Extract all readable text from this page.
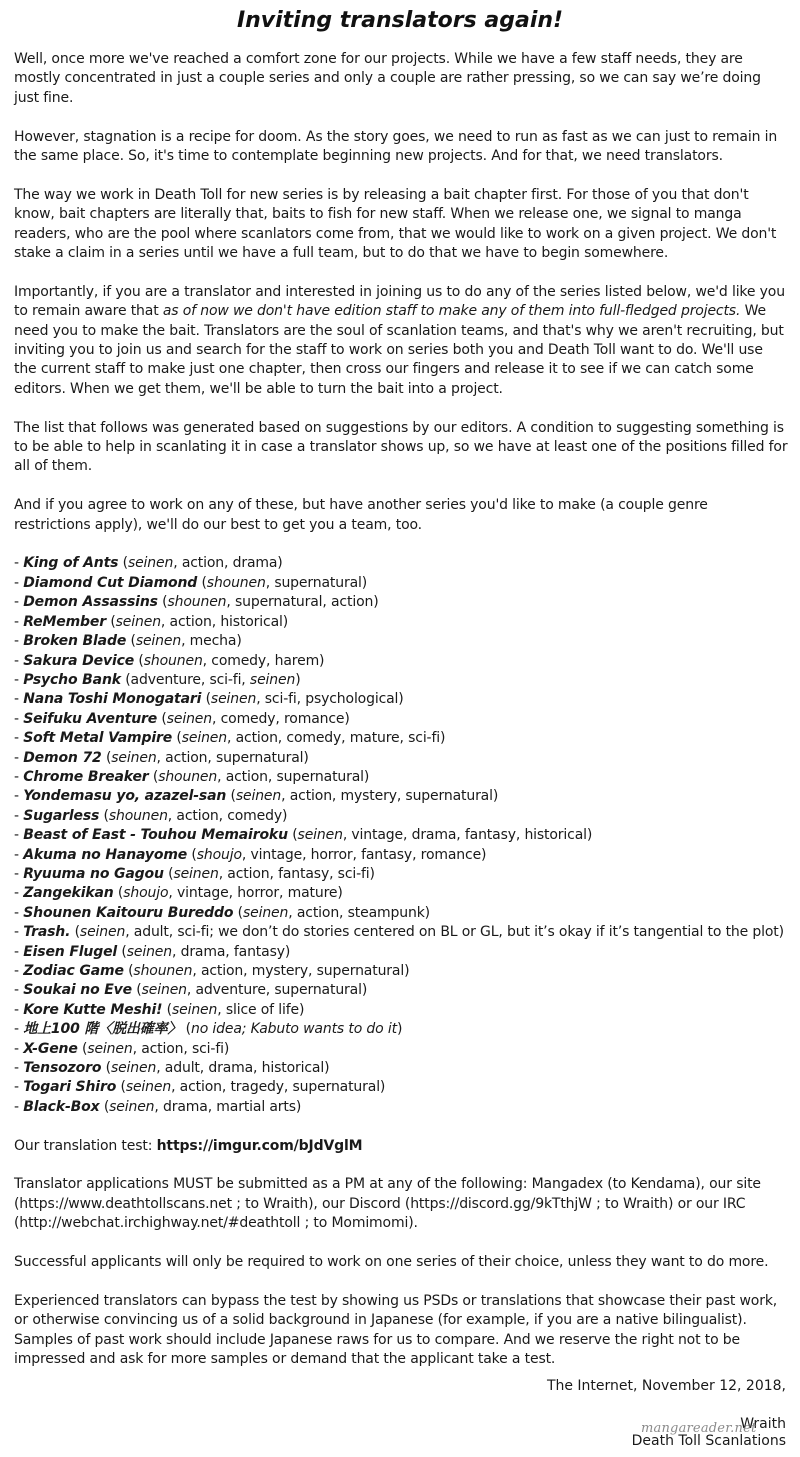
Inviting translators again!

Well, once more we've reached a comfort zone for our projects. While we have a few staff needs, they are mostly concentrated in just a couple series and only a couple are rather pressing, so we can say we’re doing just fine.

However, stagnation is a recipe for doom. As the story goes, we need to run as fast as we can just to remain in the same place. So, it's time to contemplate beginning new projects. And for that, we need translators.

The way we work in Death Toll for new series is by releasing a bait chapter first. For those of you that don't know, bait chapters are literally that, baits to fish for new staff. When we release one, we signal to manga readers, who are the pool where scanlators come from, that we would like to work on a given project. We don't stake a claim in a series until we have a full team, but to do that we have to begin somewhere.

Importantly, if you are a translator and interested in joining us to do any of the series listed below, we'd like you to remain aware that as of now we don't have edition staff to make any of them into full-fledged projects. We need you to make the bait. Translators are the soul of scanlation teams, and that's why we aren't recruiting, but inviting you to join us and search for the staff to work on series both you and Death Toll want to do. We'll use the current staff to make just one chapter, then cross our fingers and release it to see if we can catch some editors. When we get them, we'll be able to turn the bait into a project.

The list that follows was generated based on suggestions by our editors. A condition to suggesting something is to be able to help in scanlating it in case a translator shows up, so we have at least one of the positions filled for all of them.

And if you agree to work on any of these, but have another series you'd like to make (a couple genre restrictions apply), we'll do our best to get you a team, too.

- King of Ants (seinen, action, drama)
- Diamond Cut Diamond (shounen, supernatural)
- Demon Assassins (shounen, supernatural, action)
- ReMember (seinen, action, historical)
- Broken Blade (seinen, mecha)
- Sakura Device (shounen, comedy, harem)
- Psycho Bank (adventure, sci-fi, seinen)
- Nana Toshi Monogatari (seinen, sci-fi, psychological)
- Seifuku Aventure (seinen, comedy, romance)
- Soft Metal Vampire (seinen, action, comedy, mature, sci-fi)
- Demon 72 (seinen, action, supernatural)
- Chrome Breaker (shounen, action, supernatural)
- Yondemasu yo, azazel-san (seinen, action, mystery, supernatural)
- Sugarless (shounen, action, comedy)
- Beast of East - Touhou Memairoku (seinen, vintage, drama, fantasy, historical)
- Akuma no Hanayome (shoujo, vintage, horror, fantasy, romance)
- Ryuuma no Gagou (seinen, action, fantasy, sci-fi)
- Zangekikan (shoujo, vintage, horror, mature)
- Shounen Kaitouru Bureddo (seinen, action, steampunk)
- Trash. (seinen, adult, sci-fi; we don’t do stories centered on BL or GL, but it’s okay if it’s tangential to the plot)
- Eisen Flugel (seinen, drama, fantasy)
- Zodiac Game (shounen, action, mystery, supernatural)
- Soukai no Eve (seinen, adventure, supernatural)
- Kore Kutte Meshi! (seinen, slice of life)
- 地上100 階〈脱出確率〉 (no idea; Kabuto wants to do it)
- X-Gene (seinen, action, sci-fi)
- Tensozoro (seinen, adult, drama, historical)
- Togari Shiro (seinen, action, tragedy, supernatural)
- Black-Box (seinen, drama, martial arts)

Our translation test: https://imgur.com/bJdVglM

Translator applications MUST be submitted as a PM at any of the following: Mangadex (to Kendama), our site (https://www.deathtollscans.net ; to Wraith), our Discord (https://discord.gg/9kTthjW ; to Wraith) or our IRC (http://webchat.irchighway.net/#deathtoll ; to Momimomi).

Successful applicants will only be required to work on one series of their choice, unless they want to do more.

Experienced translators can bypass the test by showing us PSDs or translations that showcase their past work, or otherwise convincing us of a solid background in Japanese (for example, if you are a native bilingualist). Samples of past work should include Japanese raws for us to compare. And we reserve the right not to be impressed and ask for more samples or demand that the applicant take a test.

The Internet, November 12, 2018,
Wraith
mangareader.net
Death Toll Scanlations
